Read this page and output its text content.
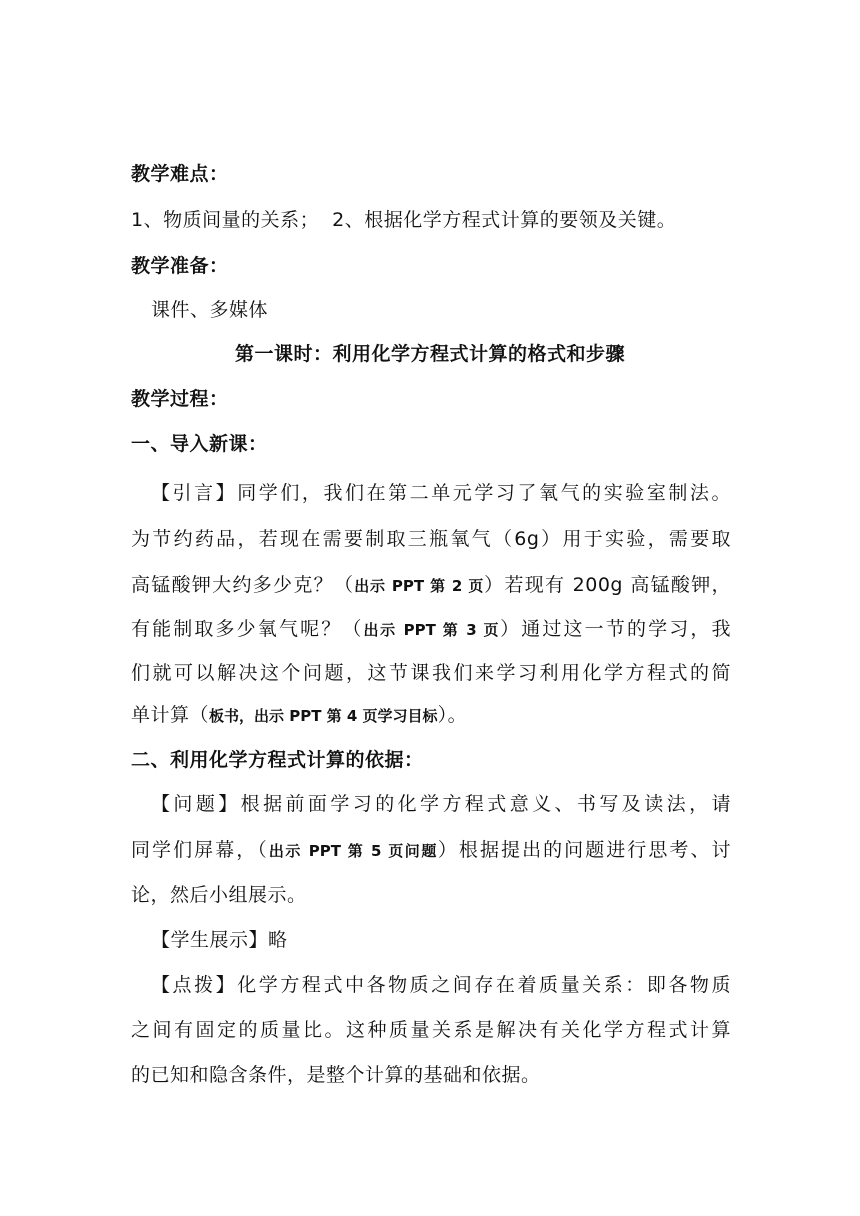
教学难点：
1、物质间量的关系；  2、根据化学方程式计算的要领及关键。
教学准备：
课件、多媒体
第一课时：利用化学方程式计算的格式和步骤
教学过程：
一、导入新课：
【引言】同学们，我们在第二单元学习了氧气的实验室制法。
为节约药品，若现在需要制取三瓶氧气（6g）用于实验，需要取
高锰酸钾大约多少克？（出示 PPT 第 2 页）若现有 200g 高锰酸钾，
有能制取多少氧气呢？（出示 PPT 第 3 页）通过这一节的学习，我
们就可以解决这个问题，这节课我们来学习利用化学方程式的简
单计算（板书，出示 PPT 第 4 页学习目标）。
二、利用化学方程式计算的依据：
【问题】根据前面学习的化学方程式意义、书写及读法，请
同学们屏幕，（出示 PPT 第 5 页问题）根据提出的问题进行思考、讨
论，然后小组展示。
【学生展示】略
【点拨】化学方程式中各物质之间存在着质量关系：即各物质
之间有固定的质量比。这种质量关系是解决有关化学方程式计算
的已知和隐含条件，是整个计算的基础和依据。
